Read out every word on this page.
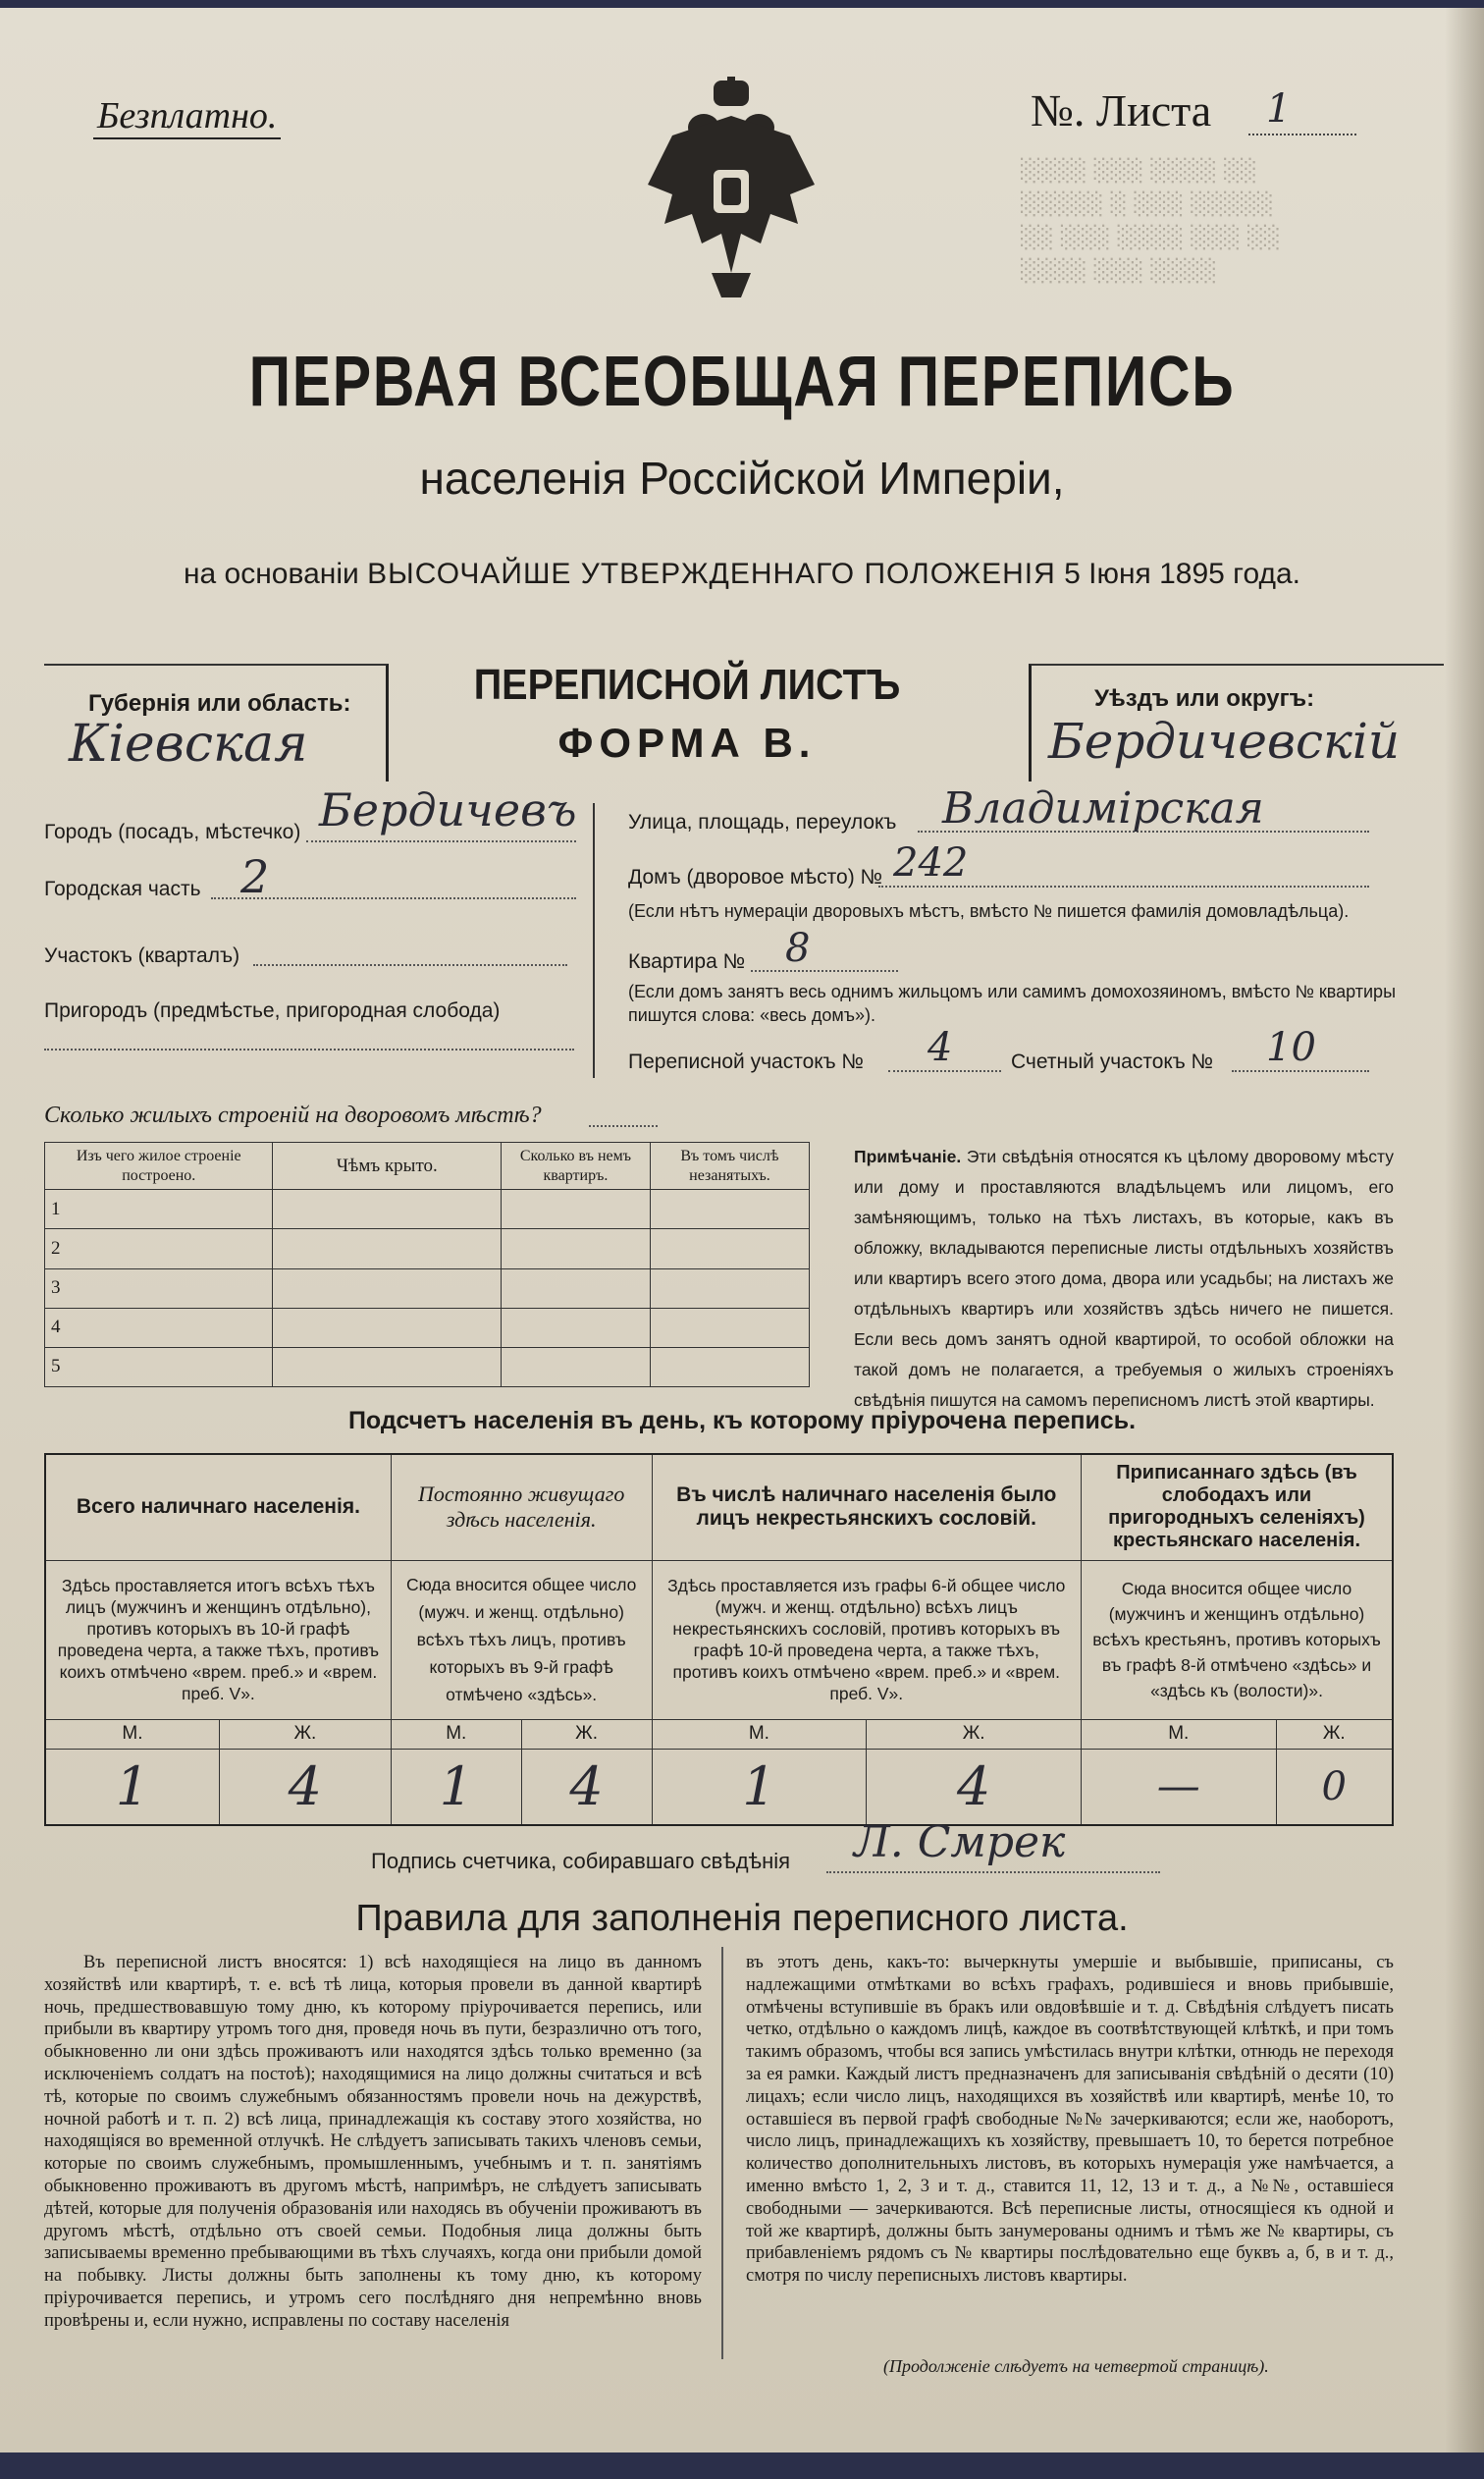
░░░░ ░░░ ░░░░ ░░
░░░░░ ░ ░░░ ░░░░░
░░ ░░░ ░░░░ ░░░ ░░
░░░░ ░░░ ░░░░
Безплатно.	№. Листа 1
ПЕРВАЯ ВСЕОБЩАЯ ПЕРЕПИСЬ
населенія Россійской Имперіи,
на основаніи ВЫСОЧАЙШЕ УТВЕРЖДЕННАГО ПОЛОЖЕНІЯ 5 Іюня 1895 года.
Губернія или область:
Кіевская
ПЕРЕПИСНОЙ ЛИСТЪ
ФОРМА В.
Уѣздъ или округъ:
Бердичевскій
Городъ (посадъ, мѣстечко) Бердичевъ
Городская часть 2
Участокъ (кварталъ)
Пригородъ (предмѣстье, пригородная слобода)
Улица, площадь, переулокъ Владимірская
Домъ (дворовое мѣсто) № 242
(Если нѣтъ нумераціи дворовыхъ мѣстъ, вмѣсто № пишется фамилія домовладѣльца).
Квартира № 8
(Если домъ занятъ весь однимъ жильцомъ или самимъ домохозяиномъ, вмѣсто № квартиры пишутся слова: «весь домъ»).
Переписной участокъ № 4	Счетный участокъ № 10
Сколько жилыхъ строеній на дворовомъ мѣстѣ?
Изъ чего жилое строеніе построено.	Чѣмъ крыто.	Сколько въ немъ квартиръ.	Въ томъ числѣ незанятыхъ.
1			
2			
3			
4			
5			
Примѣчаніе. Эти свѣдѣнія относятся къ цѣлому дворовому мѣсту или дому и проставляются владѣльцемъ или лицомъ, его замѣняющимъ, только на тѣхъ листахъ, въ которые, какъ въ обложку, вкладываются переписные листы отдѣльныхъ хозяйствъ или квартиръ всего этого дома, двора или усадьбы; на листахъ же отдѣльныхъ квартиръ или хозяйствъ здѣсь ничего не пишется. Если весь домъ занятъ одной квартирой, то особой обложки на такой домъ не полагается, а требуемыя о жилыхъ строеніяхъ свѣдѣнія пишутся на самомъ переписномъ листѣ этой квартиры.
Подсчетъ населенія въ день, къ которому пріурочена перепись.
Всего наличнаго населенія.		Постоянно живущаго здѣсь населенія.		Въ числѣ наличнаго населенія было лицъ некрестьянскихъ сословій.		Приписаннаго здѣсь (въ слободахъ или пригородныхъ селеніяхъ) крестьянскаго населенія.	
Здѣсь проставляется итогъ всѣхъ тѣхъ лицъ (мужчинъ и женщинъ отдѣльно), противъ которыхъ въ 10-й графѣ проведена черта, а также тѣхъ, противъ коихъ отмѣчено «врем. преб.» и «врем. преб. V».		Сюда вносится общее число (мужч. и женщ. отдѣльно) всѣхъ тѣхъ лицъ, противъ которыхъ въ 9-й графѣ отмѣчено «здѣсь».		Здѣсь проставляется изъ графы 6-й общее число (мужч. и женщ. отдѣльно) всѣхъ лицъ некрестьянскихъ сословій, противъ которыхъ въ графѣ 10-й проведена черта, а также тѣхъ, противъ коихъ отмѣчено «врем. преб.» и «врем. преб. V».		Сюда вносится общее число (мужчинъ и женщинъ отдѣльно) всѣхъ крестьянъ, противъ которыхъ въ графѣ 8-й отмѣчено «здѣсь» и «здѣсь къ (волости)».	
М.	Ж.	М.	Ж.	М.	Ж.	М.	Ж.
1	4	1	4	1	4	—	0
Подпись счетчика, собиравшаго свѣдѣнія Л. Смрек
Правила для заполненія переписного листа.
Въ переписной листъ вносятся: 1) всѣ находящіеся на лицо въ данномъ хозяйствѣ или квартирѣ, т. е. всѣ тѣ лица, которыя провели въ данной квартирѣ ночь, предшествовавшую тому дню, къ которому пріурочивается перепись, или прибыли въ квартиру утромъ того дня, проведя ночь въ пути, безразлично отъ того, обыкновенно ли они здѣсь проживаютъ или находятся здѣсь только временно (за исключеніемъ солдатъ на постоѣ); находящимися на лицо должны считаться и всѣ тѣ, которые по своимъ служебнымъ обязанностямъ провели ночь на дежурствѣ, ночной работѣ и т. п. 2) всѣ лица, принадлежащія къ составу этого хозяйства, но находящіяся во временной отлучкѣ. Не слѣдуетъ записывать такихъ членовъ семьи, которые по своимъ служебнымъ, промышленнымъ, учебнымъ и т. п. занятіямъ обыкновенно проживаютъ въ другомъ мѣстѣ, напримѣръ, не слѣдуетъ записывать дѣтей, которые для полученія образованія или находясь въ обученіи проживаютъ въ другомъ мѣстѣ, отдѣльно отъ своей семьи. Подобныя лица должны быть записываемы временно пребывающими въ тѣхъ случаяхъ, когда они прибыли домой на побывку. Листы должны быть заполнены къ тому дню, къ которому пріурочивается перепись, и утромъ сего послѣдняго дня непремѣнно вновь провѣрены и, если нужно, исправлены по составу населенія
въ этотъ день, какъ-то: вычеркнуты умершіе и выбывшіе, приписаны, съ надлежащими отмѣтками во всѣхъ графахъ, родившіеся и вновь прибывшіе, отмѣчены вступившіе въ бракъ или овдовѣвшіе и т. д. Свѣдѣнія слѣдуетъ писать четко, отдѣльно о каждомъ лицѣ, каждое въ соотвѣтствующей клѣткѣ, и при томъ такимъ образомъ, чтобы вся запись умѣстилась внутри клѣтки, отнюдь не переходя за ея рамки. Каждый листъ предназначенъ для записыванія свѣдѣній о десяти (10) лицахъ; если число лицъ, находящихся въ хозяйствѣ или квартирѣ, менѣе 10, то оставшіеся въ первой графѣ свободные №№ зачеркиваются; если же, наоборотъ, число лицъ, принадлежащихъ къ хозяйству, превышаетъ 10, то берется потребное количество дополнительныхъ листовъ, въ которыхъ нумерація уже намѣчается, а именно вмѣсто 1, 2, 3 и т. д., ставится 11, 12, 13 и т. д., а №№, оставшіеся свободными — зачеркиваются. Всѣ переписные листы, относящіеся къ одной и той же квартирѣ, должны быть занумерованы однимъ и тѣмъ же № квартиры, съ прибавленіемъ рядомъ съ № квартиры послѣдовательно еще буквъ а, б, в и т. д., смотря по числу переписныхъ листовъ квартиры.
(Продолженіе слѣдуетъ на четвертой страницѣ).
